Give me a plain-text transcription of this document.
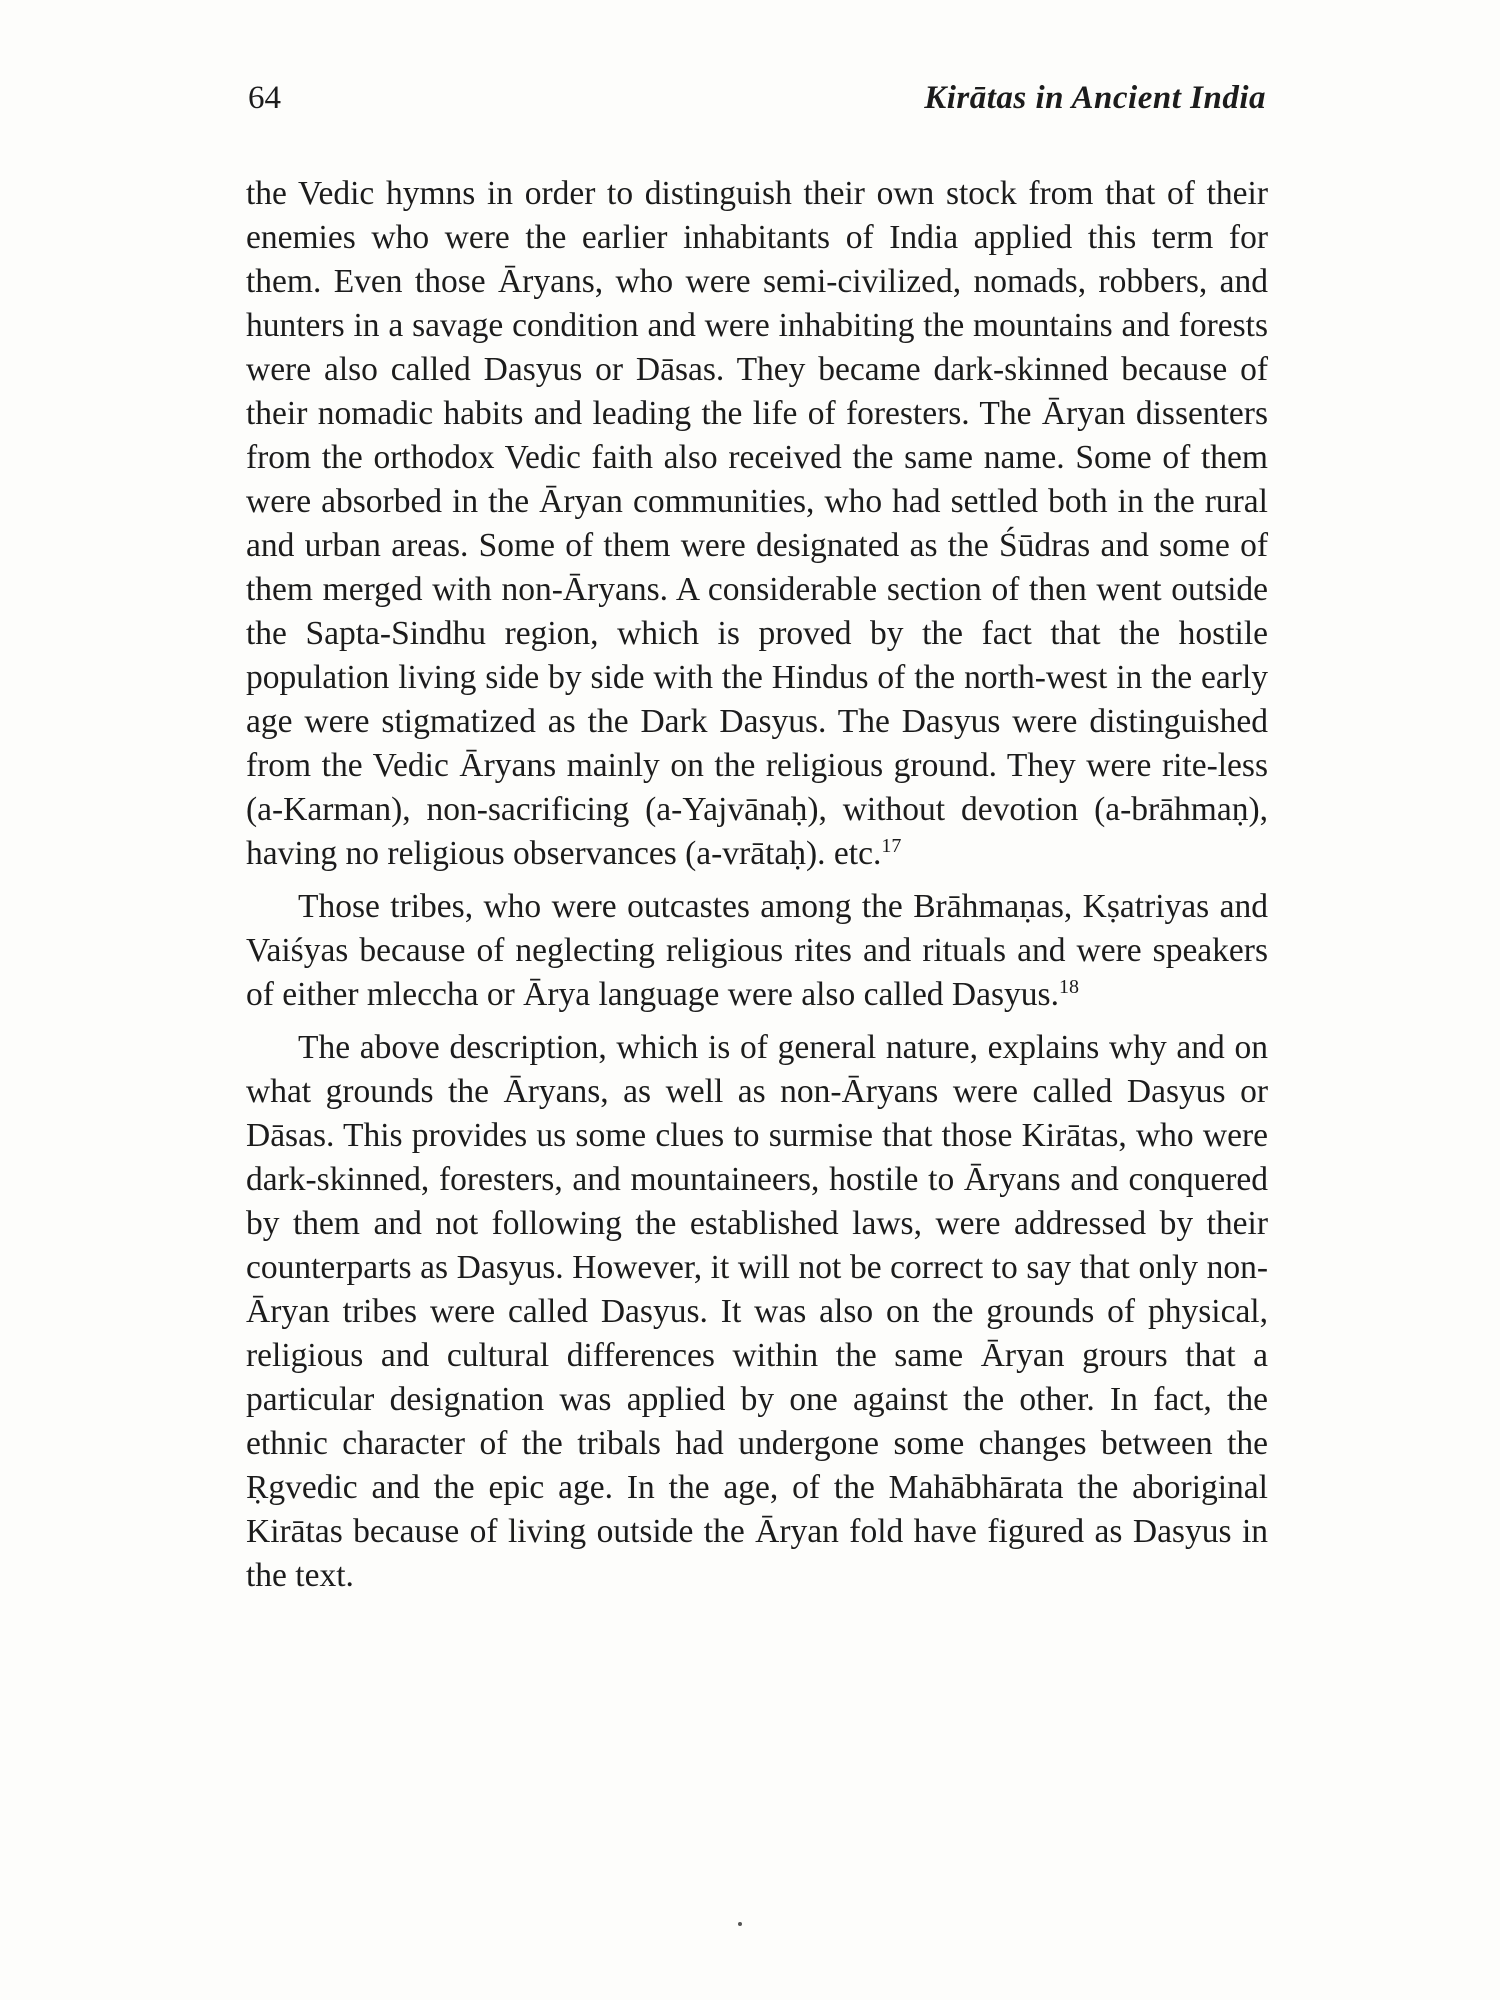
64	Kirātas in Ancient India

the Vedic hymns in order to distinguish their own stock from that of their enemies who were the earlier inhabitants of India applied this term for them. Even those Āryans, who were semi-civilized, nomads, robbers, and hunters in a savage condition and were inhabiting the mountains and forests were also called Dasyus or Dāsas. They became dark-skinned because of their nomadic habits and leading the life of foresters. The Āryan dissenters from the orthodox Vedic faith also received the same name. Some of them were absorbed in the Āryan communities, who had settled both in the rural and urban areas. Some of them were designated as the Śūdras and some of them merged with non-Āryans. A considerable section of then went outside the Sapta-Sindhu region, which is proved by the fact that the hostile population living side by side with the Hindus of the north-west in the early age were stigmatized as the Dark Dasyus. The Dasyus were distinguished from the Vedic Āryans mainly on the religious ground. They were rite-less (a-Karman), non-sacrificing (a-Yajvānaḥ), without devotion (a-brāhmaṇ), having no religious observances (a-vrātaḥ). etc.$^{17}$

Those tribes, who were outcastes among the Brāhmaṇas, Kṣatriyas and Vaiśyas because of neglecting religious rites and rituals and were speakers of either mleccha or Ārya language were also called Dasyus.$^{18}$

The above description, which is of general nature, explains why and on what grounds the Āryans, as well as non-Āryans were called Dasyus or Dāsas. This provides us some clues to surmise that those Kirātas, who were dark-skinned, foresters, and mountaineers, hostile to Āryans and conquered by them and not following the established laws, were addressed by their counterparts as Dasyus. However, it will not be correct to say that only non-Āryan tribes were called Dasyus. It was also on the grounds of physical, religious and cultural differences within the same Āryan grours that a particular designation was applied by one against the other. In fact, the ethnic character of the tribals had undergone some changes between the Ṛgvedic and the epic age. In the age, of the Mahābhārata the aboriginal Kirātas because of living outside the Āryan fold have figured as Dasyus in the text.
